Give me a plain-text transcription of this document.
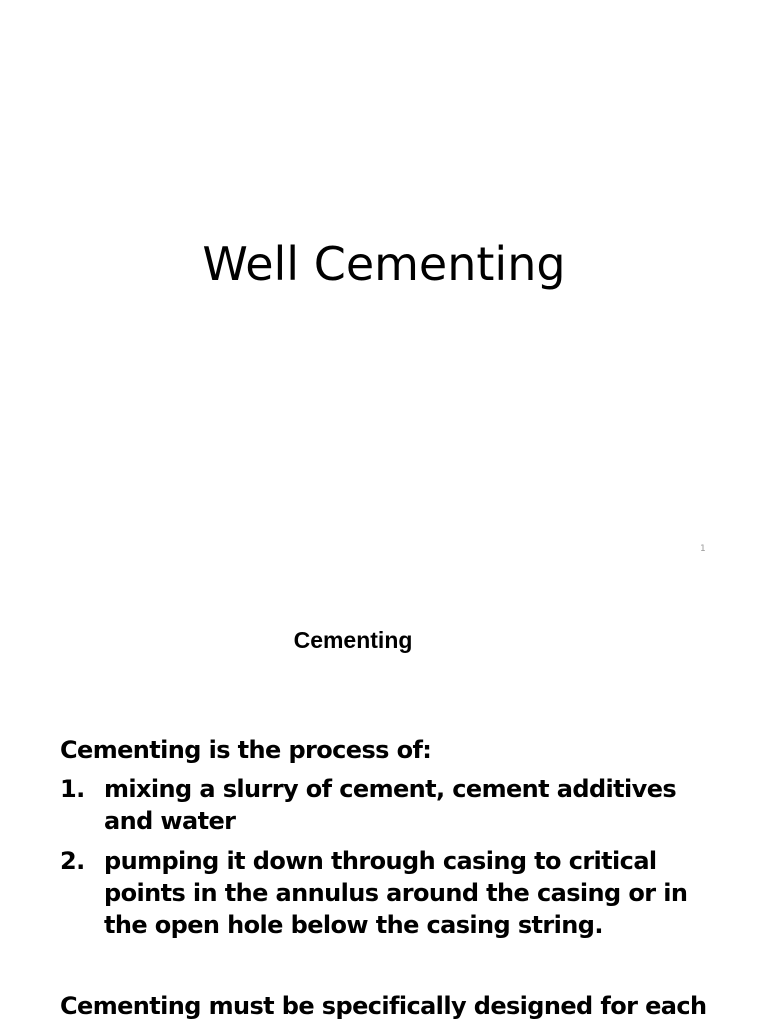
Well Cementing
1
Cementing
Cementing is the process of:
1. mixing a slurry of cement, cement additives and water
2. pumping it down through casing to critical points in the annulus around the casing or in the open hole below the casing string.
Cementing must be specifically designed for each
